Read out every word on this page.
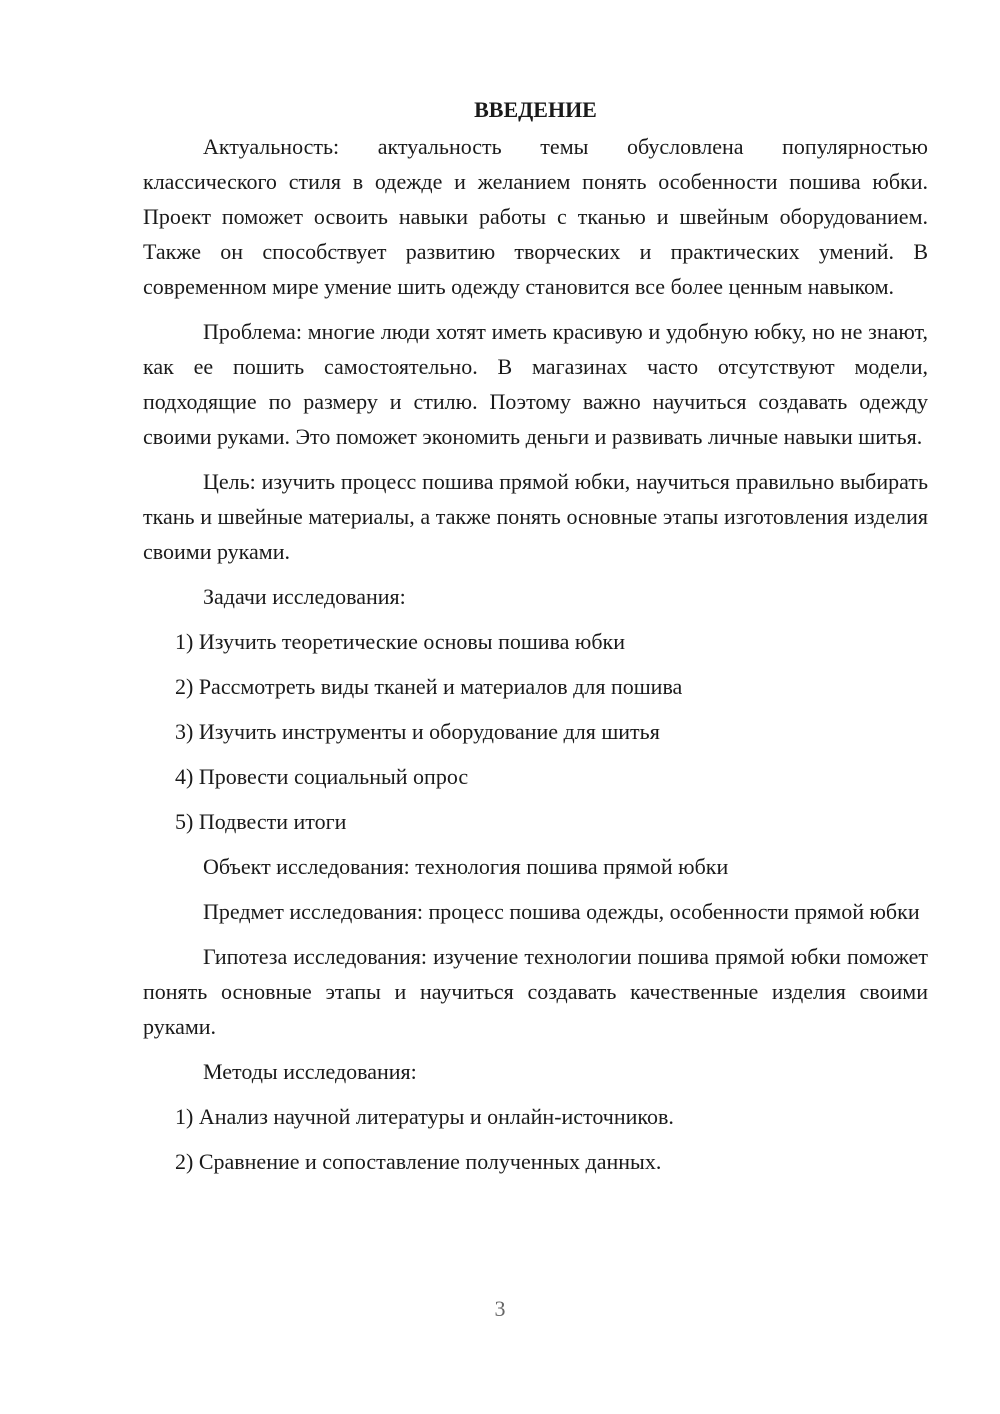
ВВЕДЕНИЕ

Актуальность: актуальность темы обусловлена популярностью классического стиля в одежде и желанием понять особенности пошива юбки. Проект поможет освоить навыки работы с тканью и швейным оборудованием. Также он способствует развитию творческих и практических умений. В современном мире умение шить одежду становится все более ценным навыком.

Проблема: многие люди хотят иметь красивую и удобную юбку, но не знают, как ее пошить самостоятельно. В магазинах часто отсутствуют модели, подходящие по размеру и стилю. Поэтому важно научиться создавать одежду своими руками. Это поможет экономить деньги и развивать личные навыки шитья.

Цель: изучить процесс пошива прямой юбки, научиться правильно выбирать ткань и швейные материалы, а также понять основные этапы изготовления изделия своими руками.

Задачи исследования:
1) Изучить теоретические основы пошива юбки
2) Рассмотреть виды тканей и материалов для пошива
3) Изучить инструменты и оборудование для шитья
4) Провести социальный опрос
5) Подвести итоги

Объект исследования: технология пошива прямой юбки

Предмет исследования: процесс пошива одежды, особенности прямой юбки

Гипотеза исследования: изучение технологии пошива прямой юбки поможет понять основные этапы и научиться создавать качественные изделия своими руками.

Методы исследования:
1) Анализ научной литературы и онлайн-источников.
2) Сравнение и сопоставление полученных данных.
3
